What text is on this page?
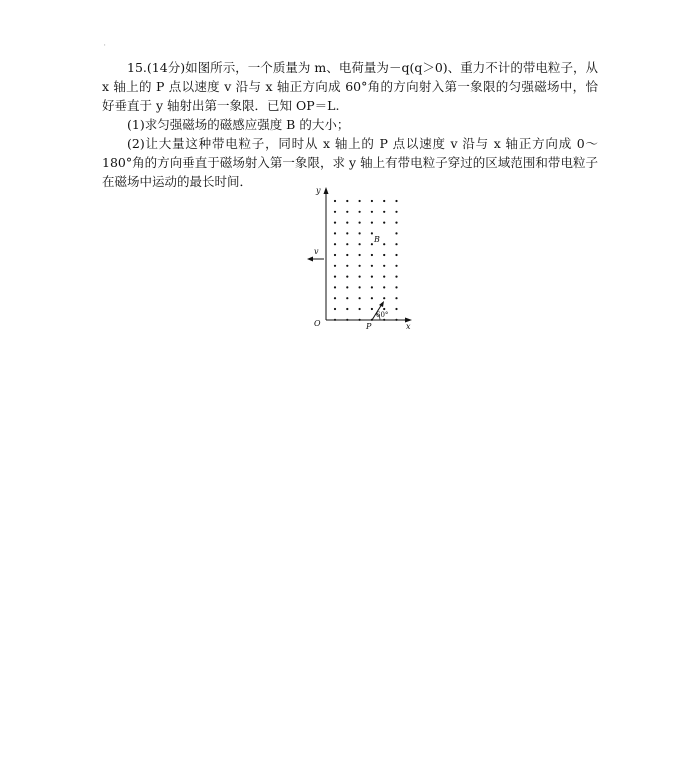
'

15.(14分)如图所示，一个质量为 m、电荷量为－q(q＞0)、重力不计的带电粒子，从 x 轴上的 P 点以速度 v 沿与 x 轴正方向成 60°角的方向射入第一象限的匀强磁场中，恰好垂直于 y 轴射出第一象限．已知 OP＝L.

(1)求匀强磁场的磁感应强度 B 的大小；

(2)让大量这种带电粒子，同时从 x 轴上的 P 点以速度 v 沿与 x 轴正方向成 0～180°角的方向垂直于磁场射入第一象限，求 y 轴上有带电粒子穿过的区域范围和带电粒子在磁场中运动的最长时间．

y
x
O	P
B
v
60°
